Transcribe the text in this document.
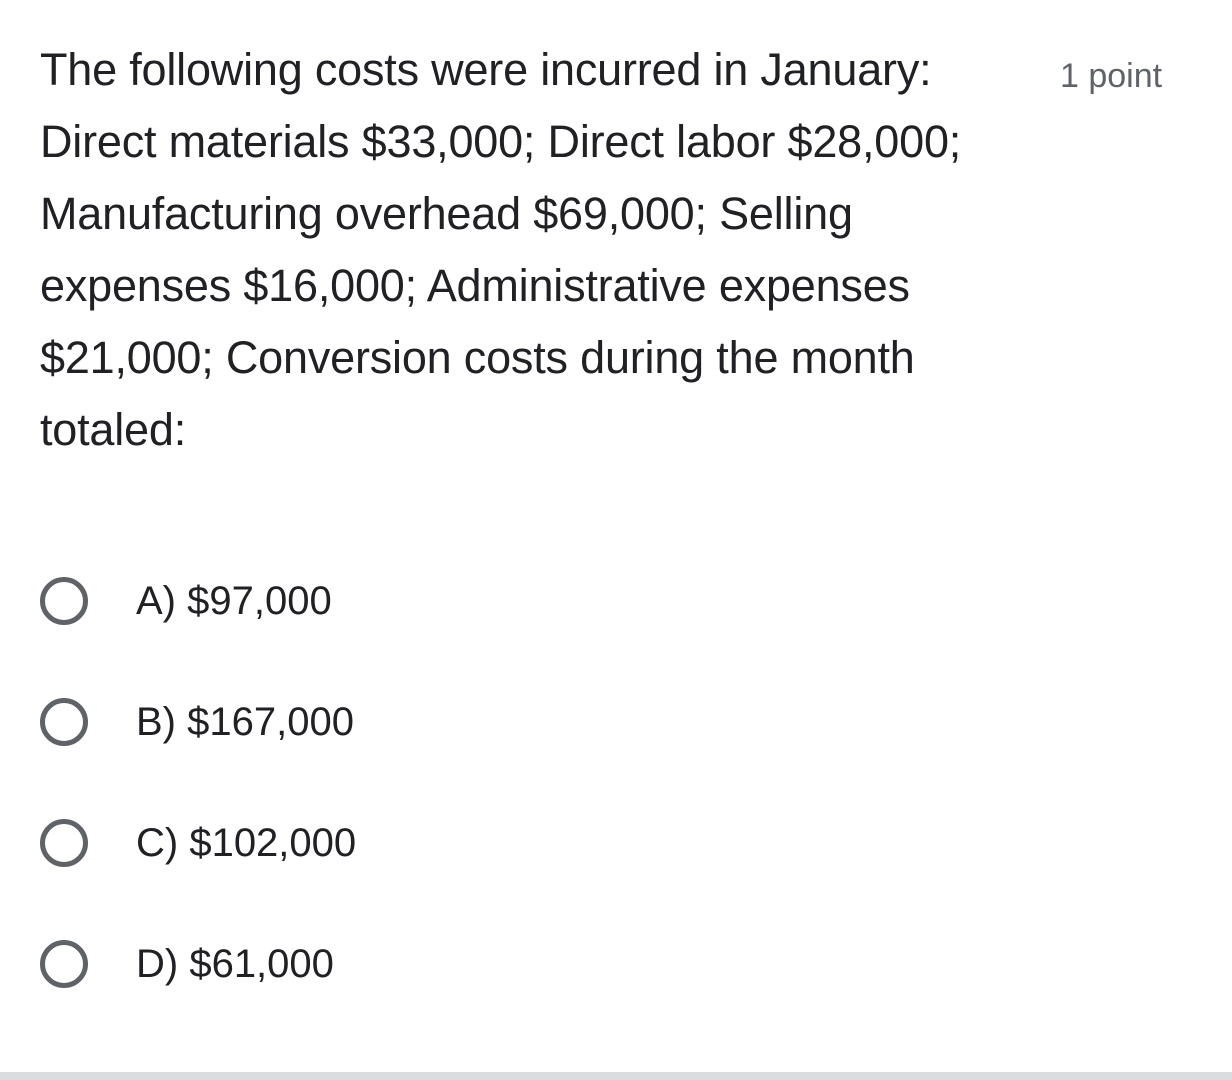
The following costs were incurred in January: Direct materials $33,000; Direct labor $28,000; Manufacturing overhead $69,000; Selling expenses $16,000; Administrative expenses $21,000; Conversion costs during the month totaled:
1 point
A) $97,000
B) $167,000
C) $102,000
D) $61,000
